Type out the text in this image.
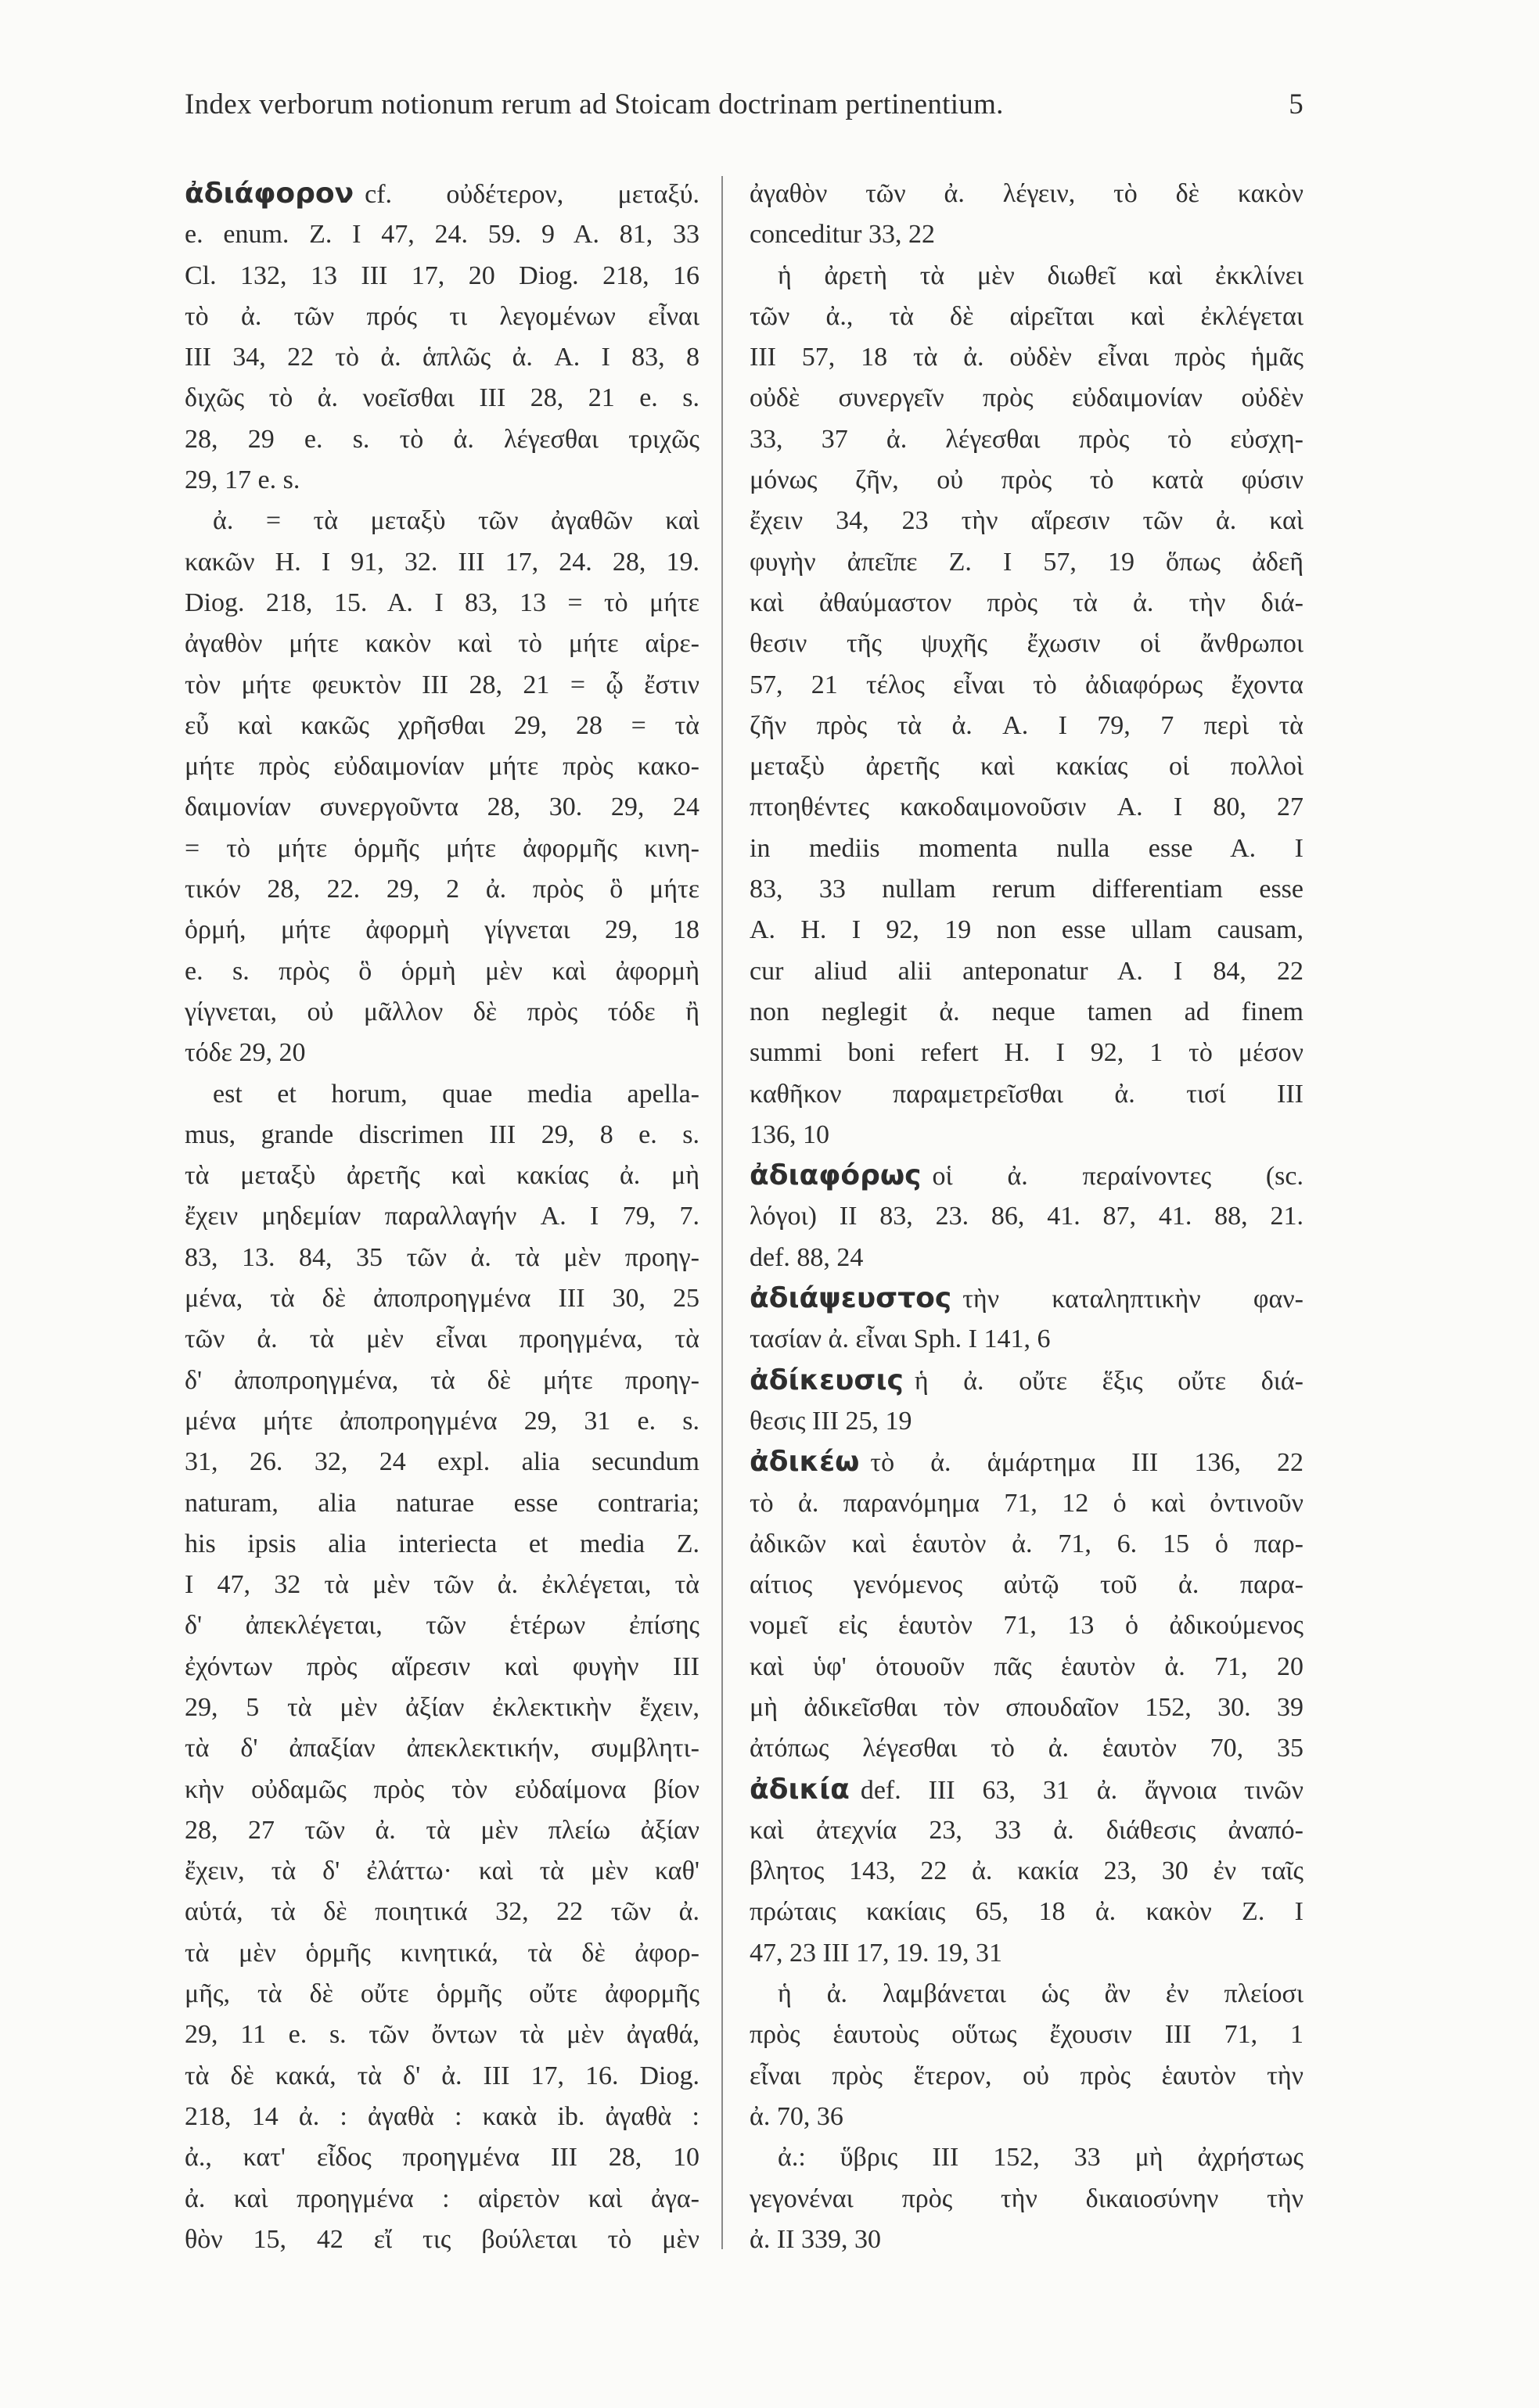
Index verborum notionum rerum ad Stoicam doctrinam pertinentium.	5
ἀδιάφορον cf. οὐδέτερον, μεταξύ.
e. enum. Z. I 47, 24. 59. 9 A. 81, 33
Cl. 132, 13 III 17, 20 Diog. 218, 16
τὸ ἀ. τῶν πρός τι λεγομένων εἶναι
III 34, 22 τὸ ἀ. ἁπλῶς ἀ. A. I 83, 8
διχῶς τὸ ἀ. νοεῖσθαι III 28, 21 e. s.
28, 29 e. s. τὸ ἀ. λέγεσθαι τριχῶς
29, 17 e. s.
ἀ. = τὰ μεταξὺ τῶν ἀγαθῶν καὶ
κακῶν H. I 91, 32. III 17, 24. 28, 19.
Diog. 218, 15. A. I 83, 13 = τὸ μήτε
ἀγαθὸν μήτε κακὸν καὶ τὸ μήτε αἱρε-
τὸν μήτε φευκτὸν III 28, 21 = ᾧ ἔστιν
εὖ καὶ κακῶς χρῆσθαι 29, 28 = τὰ
μήτε πρὸς εὐδαιμονίαν μήτε πρὸς κακο-
δαιμονίαν συνεργοῦντα 28, 30. 29, 24
= τὸ μήτε ὁρμῆς μήτε ἀφορμῆς κινη-
τικόν 28, 22. 29, 2 ἀ. πρὸς ὃ μήτε
ὁρμή, μήτε ἀφορμὴ γίγνεται 29, 18
e. s. πρὸς ὃ ὁρμὴ μὲν καὶ ἀφορμὴ
γίγνεται, οὐ μᾶλλον δὲ πρὸς τόδε ἢ
τόδε 29, 20
est et horum, quae media apella-
mus, grande discrimen III 29, 8 e. s.
τὰ μεταξὺ ἀρετῆς καὶ κακίας ἀ. μὴ
ἔχειν μηδεμίαν παραλλαγήν A. I 79, 7.
83, 13. 84, 35 τῶν ἀ. τὰ μὲν προηγ-
μένα, τὰ δὲ ἀποπροηγμένα III 30, 25
τῶν ἀ. τὰ μὲν εἶναι προηγμένα, τὰ
δ' ἀποπροηγμένα, τὰ δὲ μήτε προηγ-
μένα μήτε ἀποπροηγμένα 29, 31 e. s.
31, 26. 32, 24 expl. alia secundum
naturam, alia naturae esse contraria;
his ipsis alia interiecta et media Z.
I 47, 32 τὰ μὲν τῶν ἀ. ἐκλέγεται, τὰ
δ' ἀπεκλέγεται, τῶν ἑτέρων ἐπίσης
ἐχόντων πρὸς αἵρεσιν καὶ φυγὴν III
29, 5 τὰ μὲν ἀξίαν ἐκλεκτικὴν ἔχειν,
τὰ δ' ἀπαξίαν ἀπεκλεκτικήν, συμβλητι-
κὴν οὐδαμῶς πρὸς τὸν εὐδαίμονα βίον
28, 27 τῶν ἀ. τὰ μὲν πλείω ἀξίαν
ἔχειν, τὰ δ' ἐλάττω· καὶ τὰ μὲν καθ'
αὑτά, τὰ δὲ ποιητικά 32, 22 τῶν ἀ.
τὰ μὲν ὁρμῆς κινητικά, τὰ δὲ ἀφορ-
μῆς, τὰ δὲ οὔτε ὁρμῆς οὔτε ἀφορμῆς
29, 11 e. s. τῶν ὄντων τὰ μὲν ἀγαθά,
τὰ δὲ κακά, τὰ δ' ἀ. III 17, 16. Diog.
218, 14 ἀ. : ἀγαθὰ : κακὰ ib. ἀγαθὰ :
ἀ., κατ' εἶδος προηγμένα III 28, 10
ἀ. καὶ προηγμένα : αἱρετὸν καὶ ἀγα-
θὸν 15, 42 εἴ τις βούλεται τὸ μὲν
ἀγαθὸν τῶν ἀ. λέγειν, τὸ δὲ κακὸν
conceditur 33, 22
ἡ ἀρετὴ τὰ μὲν διωθεῖ καὶ ἐκκλίνει
τῶν ἀ., τὰ δὲ αἱρεῖται καὶ ἐκλέγεται
III 57, 18 τὰ ἀ. οὐδὲν εἶναι πρὸς ἡμᾶς
οὐδὲ συνεργεῖν πρὸς εὐδαιμονίαν οὐδὲν
33, 37 ἀ. λέγεσθαι πρὸς τὸ εὐσχη-
μόνως ζῆν, οὐ πρὸς τὸ κατὰ φύσιν
ἔχειν 34, 23 τὴν αἵρεσιν τῶν ἀ. καὶ
φυγὴν ἀπεῖπε Z. I 57, 19 ὅπως ἀδεῆ
καὶ ἀθαύμαστον πρὸς τὰ ἀ. τὴν διά-
θεσιν τῆς ψυχῆς ἔχωσιν οἱ ἄνθρωποι
57, 21 τέλος εἶναι τὸ ἀδιαφόρως ἔχοντα
ζῆν πρὸς τὰ ἀ. A. I 79, 7 περὶ τὰ
μεταξὺ ἀρετῆς καὶ κακίας οἱ πολλοὶ
πτοηθέντες κακοδαιμονοῦσιν A. I 80, 27
in mediis momenta nulla esse A. I
83, 33 nullam rerum differentiam esse
A. H. I 92, 19 non esse ullam causam,
cur aliud alii anteponatur A. I 84, 22
non neglegit ἀ. neque tamen ad finem
summi boni refert H. I 92, 1 τὸ μέσον
καθῆκον παραμετρεῖσθαι ἀ. τισί III
136, 10
ἀδιαφόρως οἱ ἀ. περαίνοντες (sc.
λόγοι) II 83, 23. 86, 41. 87, 41. 88, 21.
def. 88, 24
ἀδιάψευστος τὴν καταληπτικὴν φαν-
τασίαν ἀ. εἶναι Sph. I 141, 6
ἀδίκευσις ἡ ἀ. οὔτε ἕξις οὔτε διά-
θεσις III 25, 19
ἀδικέω τὸ ἀ. ἁμάρτημα III 136, 22
τὸ ἀ. παρανόμημα 71, 12 ὁ καὶ ὀντινοῦν
ἀδικῶν καὶ ἑαυτὸν ἀ. 71, 6. 15 ὁ παρ-
αίτιος γενόμενος αὐτῷ τοῦ ἀ. παρα-
νομεῖ εἰς ἑαυτὸν 71, 13 ὁ ἀδικούμενος
καὶ ὑφ' ὁτουοῦν πᾶς ἑαυτὸν ἀ. 71, 20
μὴ ἀδικεῖσθαι τὸν σπουδαῖον 152, 30. 39
ἀτόπως λέγεσθαι τὸ ἀ. ἑαυτὸν 70, 35
ἀδικία def. III 63, 31 ἀ. ἄγνοια τινῶν
καὶ ἀτεχνία 23, 33 ἀ. διάθεσις ἀναπό-
βλητος 143, 22 ἀ. κακία 23, 30 ἐν ταῖς
πρώταις κακίαις 65, 18 ἀ. κακὸν Z. I
47, 23 III 17, 19. 19, 31
ἡ ἀ. λαμβάνεται ὡς ἂν ἐν πλείοσι
πρὸς ἑαυτοὺς οὕτως ἔχουσιν III 71, 1
εἶναι πρὸς ἕτερον, οὐ πρὸς ἑαυτὸν τὴν
ἀ. 70, 36
ἀ.: ὕβρις III 152, 33 μὴ ἀχρήστως
γεγονέναι πρὸς τὴν δικαιοσύνην τὴν
ἀ. II 339, 30
